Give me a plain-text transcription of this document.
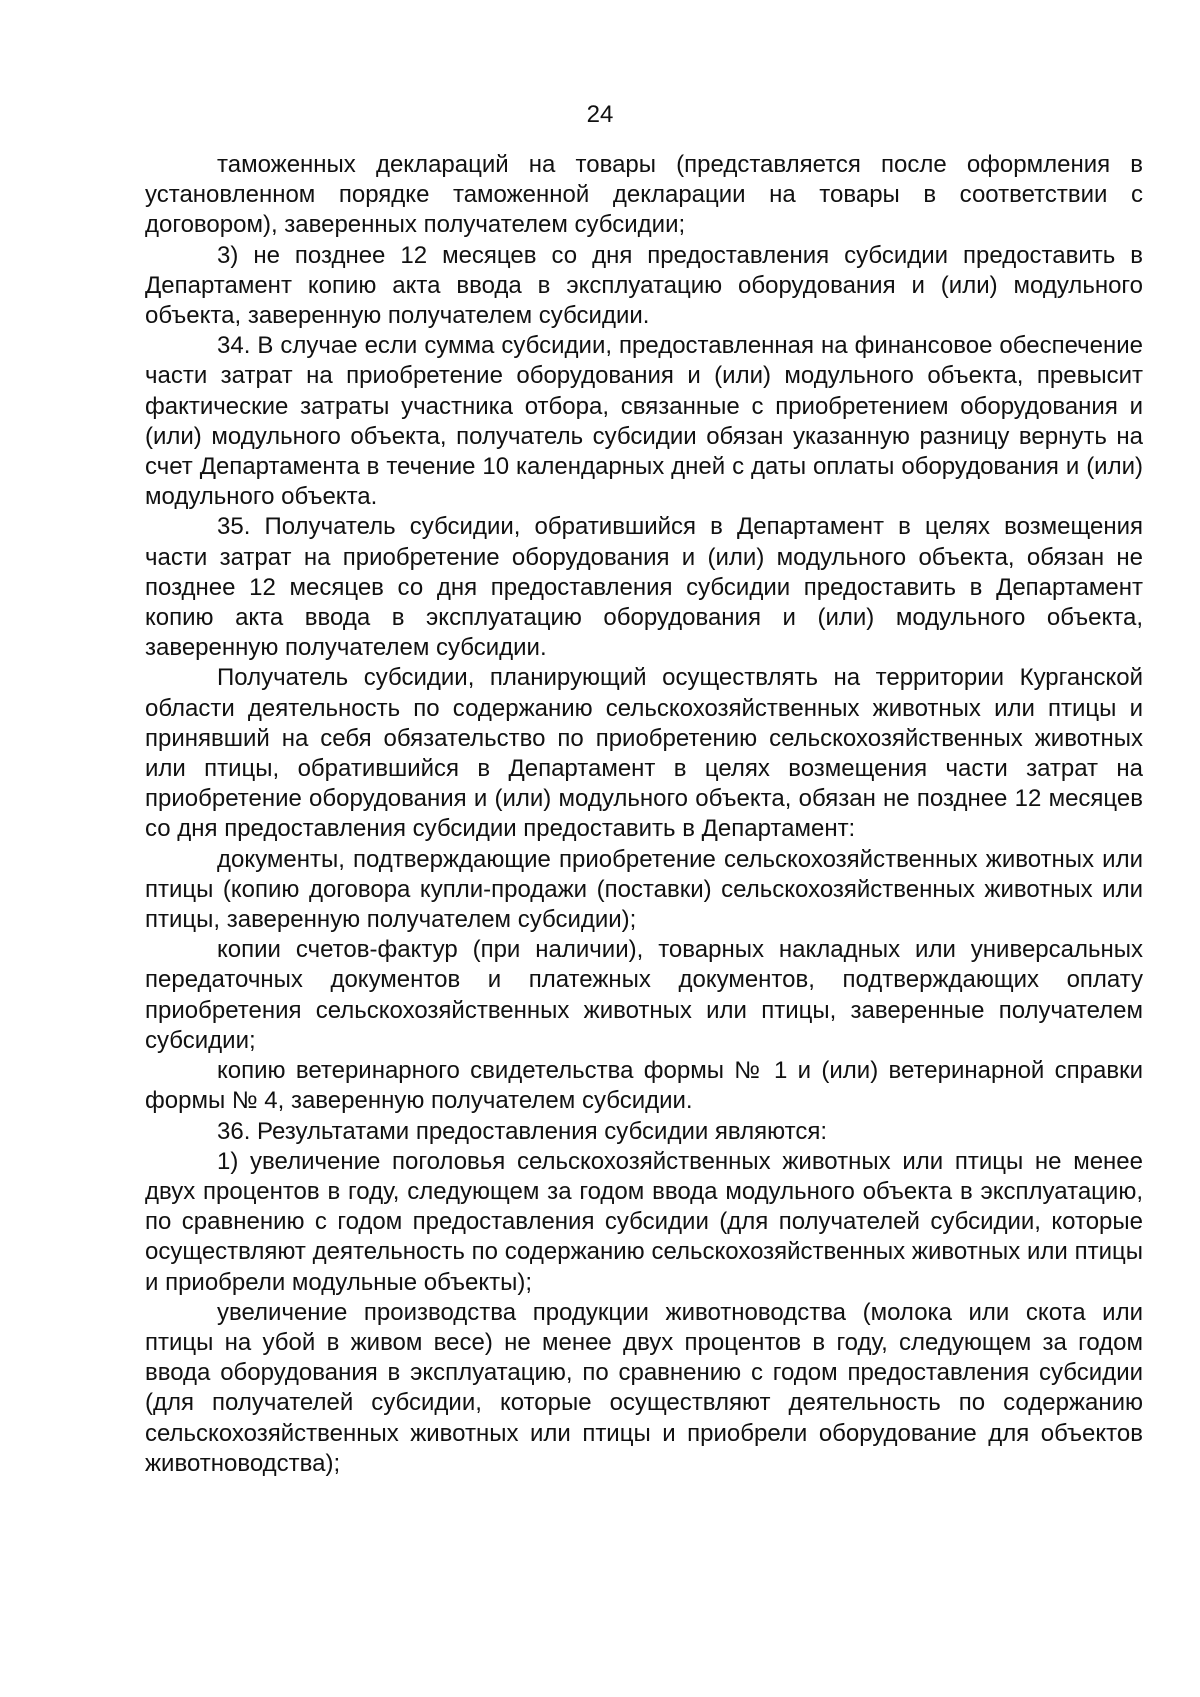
24

таможенных деклараций на товары (представляется после оформления в установленном порядке таможенной декларации на товары в соответствии с договором), заверенных получателем субсидии;

3) не позднее 12 месяцев со дня предоставления субсидии предоставить в Департамент копию акта ввода в эксплуатацию оборудования и (или) модульного объекта, заверенную получателем субсидии.

34. В случае если сумма субсидии, предоставленная на финансовое обеспечение части затрат на приобретение оборудования и (или) модульного объекта, превысит фактические затраты участника отбора, связанные с приобретением оборудования и (или) модульного объекта, получатель субсидии обязан указанную разницу вернуть на счет Департамента в течение 10 календарных дней с даты оплаты оборудования и (или) модульного объекта.

35. Получатель субсидии, обратившийся в Департамент в целях возмещения части затрат на приобретение оборудования и (или) модульного объекта, обязан не позднее 12 месяцев со дня предоставления субсидии предоставить в Департамент копию акта ввода в эксплуатацию оборудования и (или) модульного объекта, заверенную получателем субсидии.

Получатель субсидии, планирующий осуществлять на территории Курганской области деятельность по содержанию сельскохозяйственных животных или птицы и принявший на себя обязательство по приобретению сельскохозяйственных животных или птицы, обратившийся в Департамент в целях возмещения части затрат на приобретение оборудования и (или) модульного объекта, обязан не позднее 12 месяцев со дня предоставления субсидии предоставить в Департамент:

документы, подтверждающие приобретение сельскохозяйственных животных или птицы (копию договора купли-продажи (поставки) сельскохозяйственных животных или птицы, заверенную получателем субсидии);

копии счетов-фактур (при наличии), товарных накладных или универсальных передаточных документов и платежных документов, подтверждающих оплату приобретения сельскохозяйственных животных или птицы, заверенные получателем субсидии;

копию ветеринарного свидетельства формы № 1 и (или) ветеринарной справки формы № 4, заверенную получателем субсидии.

36. Результатами предоставления субсидии являются:

1) увеличение поголовья сельскохозяйственных животных или птицы не менее двух процентов в году, следующем за годом ввода модульного объекта в эксплуатацию, по сравнению с годом предоставления субсидии (для получателей субсидии, которые осуществляют деятельность по содержанию сельскохозяйственных животных или птицы и приобрели модульные объекты);

увеличение производства продукции животноводства (молока или скота или птицы на убой в живом весе) не менее двух процентов в году, следующем за годом ввода оборудования в эксплуатацию, по сравнению с годом предоставления субсидии (для получателей субсидии, которые осуществляют деятельность по содержанию сельскохозяйственных животных или птицы и приобрели оборудование для объектов животноводства);
